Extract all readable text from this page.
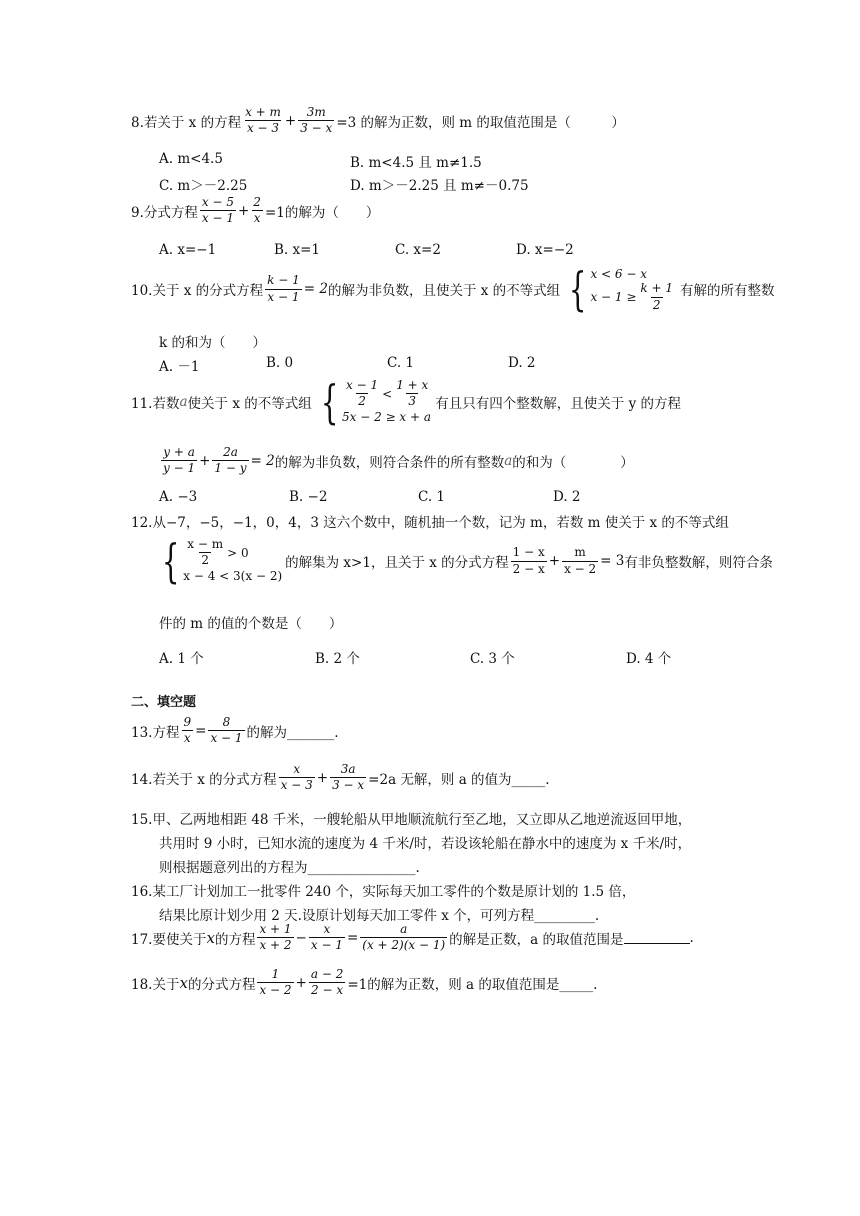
8.若关于 x 的方程 $\frac{x + m}{x - 3} + \frac{3m}{3 - x} =3$ 的解为正数，则 m 的取值范围是（　　　）
A. m<4.5	B. m<4.5 且 m≠1.5
C. m＞－2.25	D. m＞－2.25 且 m≠－0.75
9.分式方程 $\frac{x - 5}{x - 1} + \frac{2}{x} =1$的解为（　　）
A. x=−1	B. x=1	C. x=2	D. x=−2
10.关于 x 的分式方程 $\frac{k - 1}{x - 1} = 2$ 的解为非负数，且使关于 x 的不等式组 { x < 6 − x
$x - 1 \ge \frac{k + 1}{2}$ 有解的所有整数
k 的和为（　　）
A. －1	B. 0	C. 1	D. 2
11.若数 a 使关于 x 的不等式组 { $\frac{x - 1}{2} < \frac{1 + x}{3}$
5x − 2 ≥ x + a
有且只有四个整数解，且使关于 y 的方程
$\frac{y + a}{y - 1} + \frac{2a}{1 - y} = 2$ 的解为非负数，则符合条件的所有整数 a 的和为（　　　　）
A. −3	B. −2	C. 1	D. 2
12.从−7，−5，−1，0，4，3 这六个数中，随机抽一个数，记为 m，若数 m 使关于 x 的不等式组
{ $\frac{x - m}{2} > 0$
x − 4 < 3(x − 2)
的解集为 x>1，且关于 x 的分式方程 $\frac{1 - x}{2 - x} + \frac{m}{x - 2} = 3$ 有非负整数解，则符合条
件的 m 的值的个数是（　　）
A. 1 个	B. 2 个	C. 3 个	D. 4 个
二、填空题
13.方程 $\frac{9}{x} = \frac{8}{x - 1}$ 的解为_______.
14.若关于 x 的分式方程 $\frac{x}{x - 3} + \frac{3a}{3 - x} =2a$ 无解，则 a 的值为_____.
15.甲、乙两地相距 48 千米，一艘轮船从甲地顺流航行至乙地，又立即从乙地逆流返回甲地，
共用时 9 小时，已知水流的速度为 4 千米/时，若设该轮船在静水中的速度为 x 千米/时，
则根据题意列出的方程为________________.
16.某工厂计划加工一批零件 240 个，实际每天加工零件的个数是原计划的 1.5 倍，
结果比原计划少用 2 天.设原计划每天加工零件 x 个，可列方程_________.
17.要使关于 x 的方程 $\frac{x + 1}{x + 2} - \frac{x}{x - 1} = \frac{a}{(x + 2)(x - 1)}$ 的解是正数，a 的取值范围是	.
18.关于 x 的分式方程 $\frac{1}{x - 2} + \frac{a - 2}{2 - x} =1$的解为正数，则 a 的取值范围是_____.
